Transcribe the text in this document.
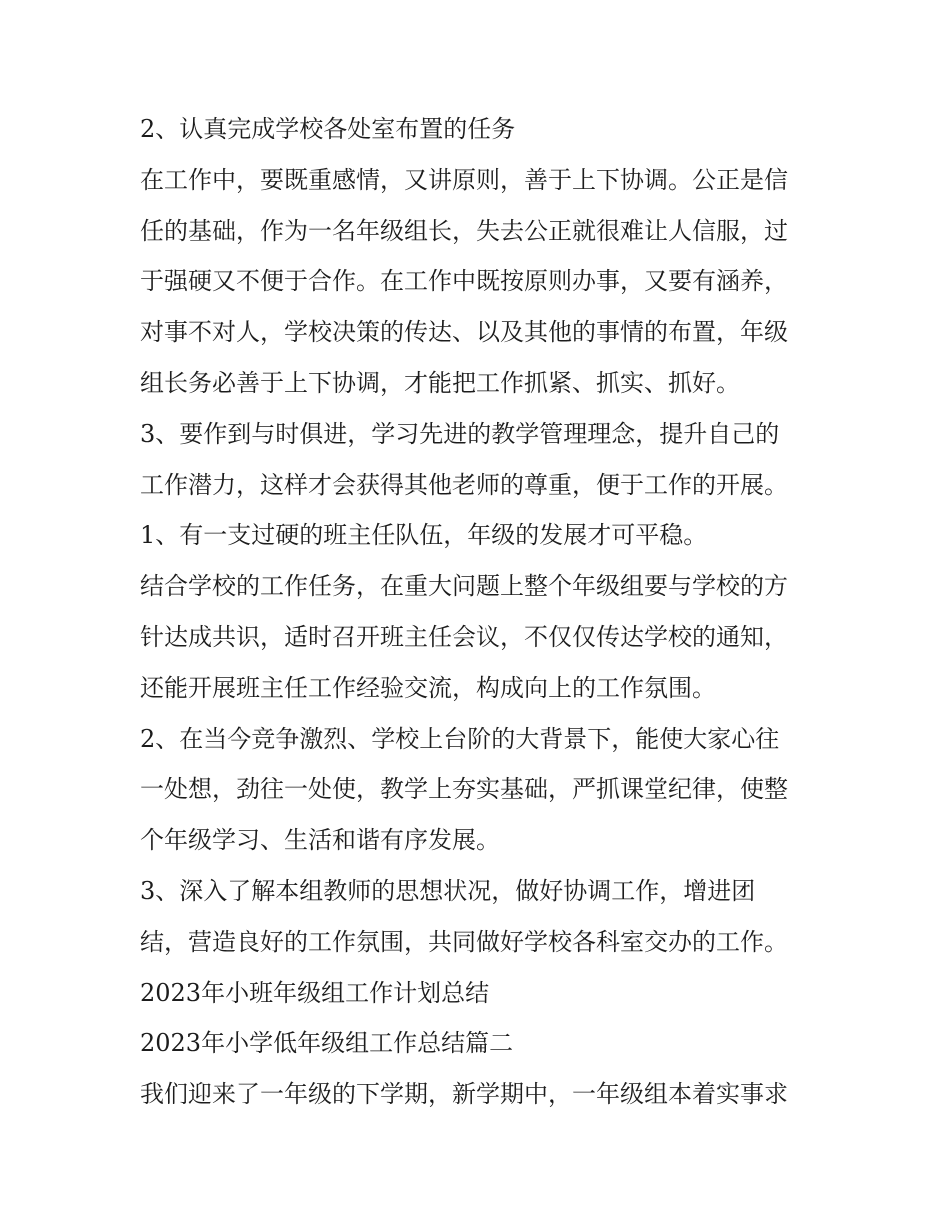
2、认真完成学校各处室布置的任务
在工作中，要既重感情，又讲原则，善于上下协调。公正是信
任的基础，作为一名年级组长，失去公正就很难让人信服，过
于强硬又不便于合作。在工作中既按原则办事，又要有涵养，
对事不对人，学校决策的传达、以及其他的事情的布置，年级
组长务必善于上下协调，才能把工作抓紧、抓实、抓好。
3、要作到与时俱进，学习先进的教学管理理念，提升自己的
工作潜力，这样才会获得其他老师的尊重，便于工作的开展。
1、有一支过硬的班主任队伍，年级的发展才可平稳。
结合学校的工作任务，在重大问题上整个年级组要与学校的方
针达成共识，适时召开班主任会议，不仅仅传达学校的通知，
还能开展班主任工作经验交流，构成向上的工作氛围。
2、在当今竞争激烈、学校上台阶的大背景下，能使大家心往
一处想，劲往一处使，教学上夯实基础，严抓课堂纪律，使整
个年级学习、生活和谐有序发展。
3、深入了解本组教师的思想状况，做好协调工作，增进团
结，营造良好的工作氛围，共同做好学校各科室交办的工作。
2023年小班年级组工作计划总结
2023年小学低年级组工作总结篇二
我们迎来了一年级的下学期，新学期中，一年级组本着实事求
